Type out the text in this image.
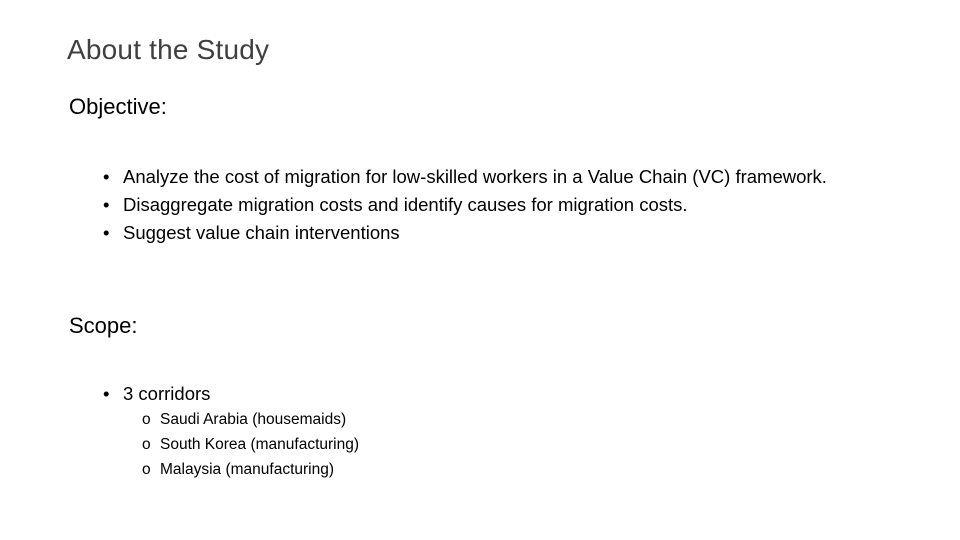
About the Study
Objective:
• Analyze the cost of migration for low-skilled workers in a Value Chain (VC) framework.
• Disaggregate migration costs and identify causes for migration costs.
• Suggest value chain interventions
Scope:
• 3 corridors
o Saudi Arabia (housemaids)
o South Korea (manufacturing)
o Malaysia (manufacturing)
